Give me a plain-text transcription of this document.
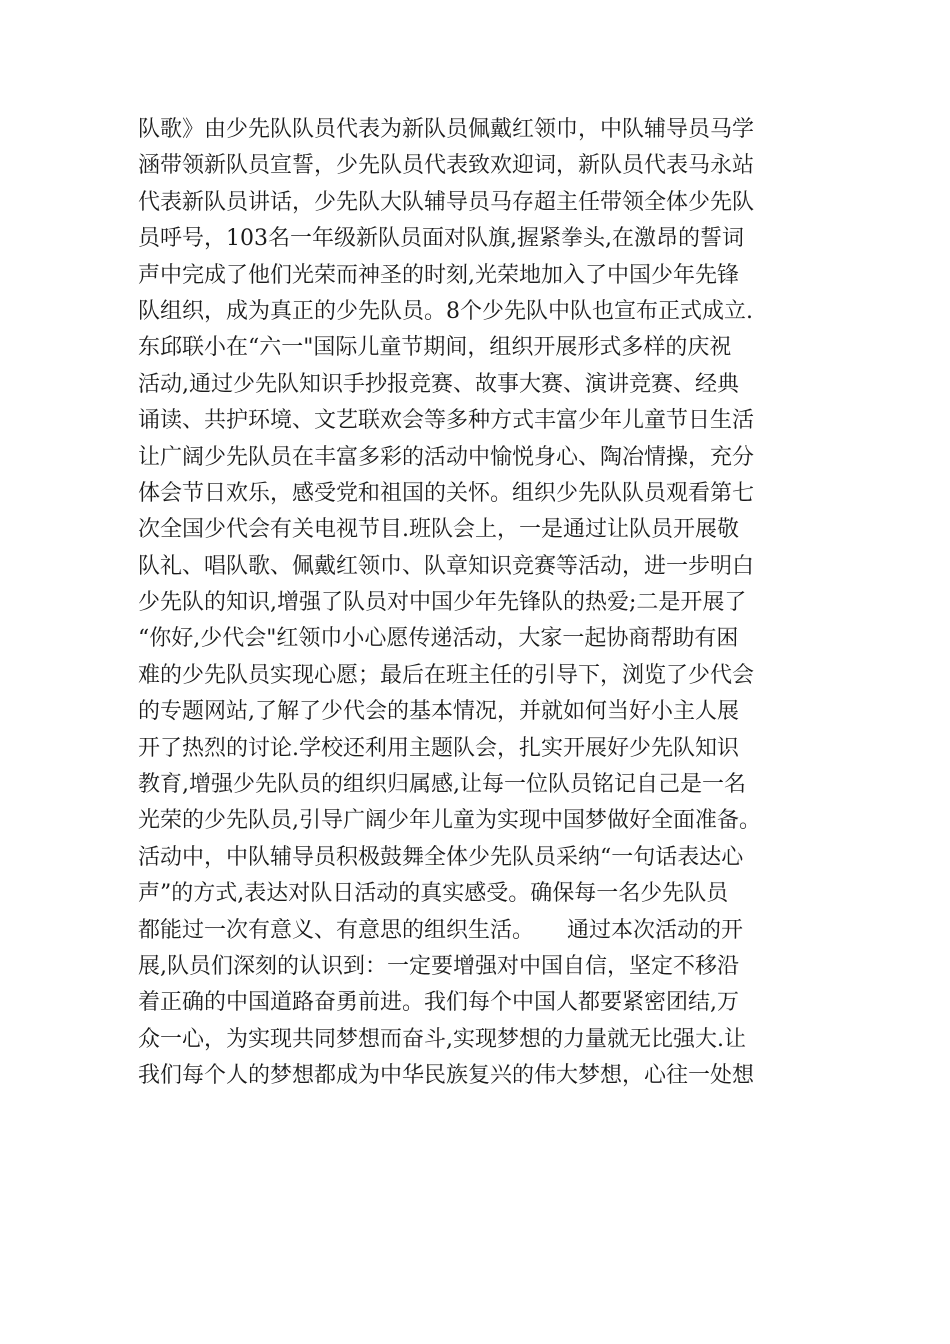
队歌》由少先队队员代表为新队员佩戴红领巾，中队辅导员马学
涵带领新队员宣誓，少先队员代表致欢迎词，新队员代表马永站
代表新队员讲话，少先队大队辅导员马存超主任带领全体少先队
员呼号，103名一年级新队员面对队旗,握紧拳头,在激昂的誓词
声中完成了他们光荣而神圣的时刻,光荣地加入了中国少年先锋
队组织，成为真正的少先队员。8个少先队中队也宣布正式成立.
东邱联小在“六一"国际儿童节期间，组织开展形式多样的庆祝
活动,通过少先队知识手抄报竞赛、故事大赛、演讲竞赛、经典
诵读、共护环境、文艺联欢会等多种方式丰富少年儿童节日生活
让广阔少先队员在丰富多彩的活动中愉悦身心、陶冶情操，充分
体会节日欢乐，感受党和祖国的关怀。组织少先队队员观看第七
次全国少代会有关电视节目.班队会上，一是通过让队员开展敬
队礼、唱队歌、佩戴红领巾、队章知识竞赛等活动，进一步明白
少先队的知识,增强了队员对中国少年先锋队的热爱;二是开展了
“你好,少代会"红领巾小心愿传递活动，大家一起协商帮助有困
难的少先队员实现心愿；最后在班主任的引导下，浏览了少代会
的专题网站,了解了少代会的基本情况，并就如何当好小主人展
开了热烈的讨论.学校还利用主题队会，扎实开展好少先队知识
教育,增强少先队员的组织归属感,让每一位队员铭记自己是一名
光荣的少先队员,引导广阔少年儿童为实现中国梦做好全面准备。
活动中，中队辅导员积极鼓舞全体少先队员采纳“一句话表达心
声”的方式,表达对队日活动的真实感受。确保每一名少先队员
都能过一次有意义、有意思的组织生活。　　通过本次活动的开
展,队员们深刻的认识到：一定要增强对中国自信，坚定不移沿
着正确的中国道路奋勇前进。我们每个中国人都要紧密团结,万
众一心，为实现共同梦想而奋斗,实现梦想的力量就无比强大.让
我们每个人的梦想都成为中华民族复兴的伟大梦想，心往一处想
